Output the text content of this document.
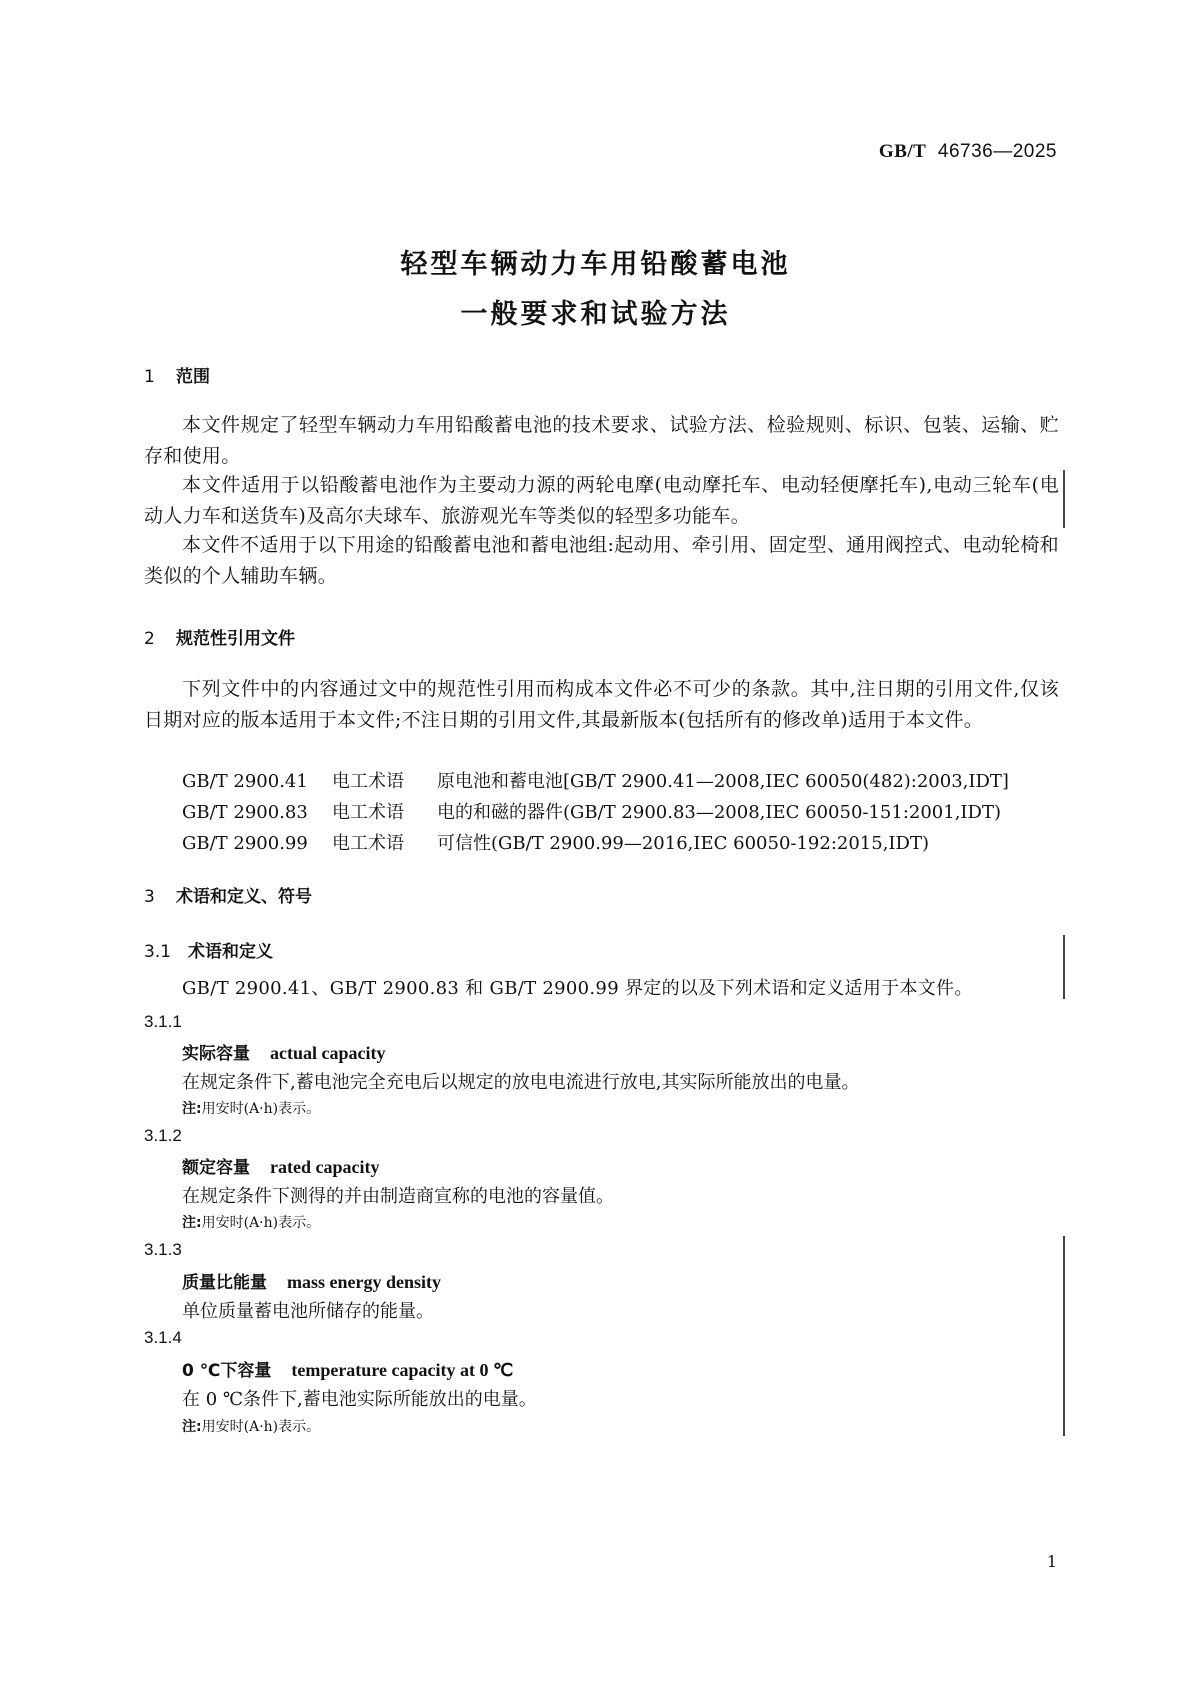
GB/T 46736—2025
轻型车辆动力车用铅酸蓄电池
一般要求和试验方法
1 范围
本文件规定了轻型车辆动力车用铅酸蓄电池的技术要求、试验方法、检验规则、标识、包装、运输、贮存和使用。
本文件适用于以铅酸蓄电池作为主要动力源的两轮电摩(电动摩托车、电动轻便摩托车),电动三轮车(电动人力车和送货车)及高尔夫球车、旅游观光车等类似的轻型多功能车。
本文件不适用于以下用途的铅酸蓄电池和蓄电池组:起动用、牵引用、固定型、通用阀控式、电动轮椅和类似的个人辅助车辆。
2 规范性引用文件
下列文件中的内容通过文中的规范性引用而构成本文件必不可少的条款。其中,注日期的引用文件,仅该日期对应的版本适用于本文件;不注日期的引用文件,其最新版本(包括所有的修改单)适用于本文件。
GB/T 2900.41 电工术语 原电池和蓄电池[GB/T 2900.41—2008,IEC 60050(482):2003,IDT]
GB/T 2900.83 电工术语 电的和磁的器件(GB/T 2900.83—2008,IEC 60050-151:2001,IDT)
GB/T 2900.99 电工术语 可信性(GB/T 2900.99—2016,IEC 60050-192:2015,IDT)
3 术语和定义、符号
3.1 术语和定义
GB/T 2900.41、GB/T 2900.83 和 GB/T 2900.99 界定的以及下列术语和定义适用于本文件。
3.1.1
实际容量 actual capacity
在规定条件下,蓄电池完全充电后以规定的放电电流进行放电,其实际所能放出的电量。
注:用安时(A·h)表示。
3.1.2
额定容量 rated capacity
在规定条件下测得的并由制造商宣称的电池的容量值。
注:用安时(A·h)表示。
3.1.3
质量比能量 mass energy density
单位质量蓄电池所储存的能量。
3.1.4
0 ℃下容量 temperature capacity at 0 ℃
在 0 ℃条件下,蓄电池实际所能放出的电量。
注:用安时(A·h)表示。
1
